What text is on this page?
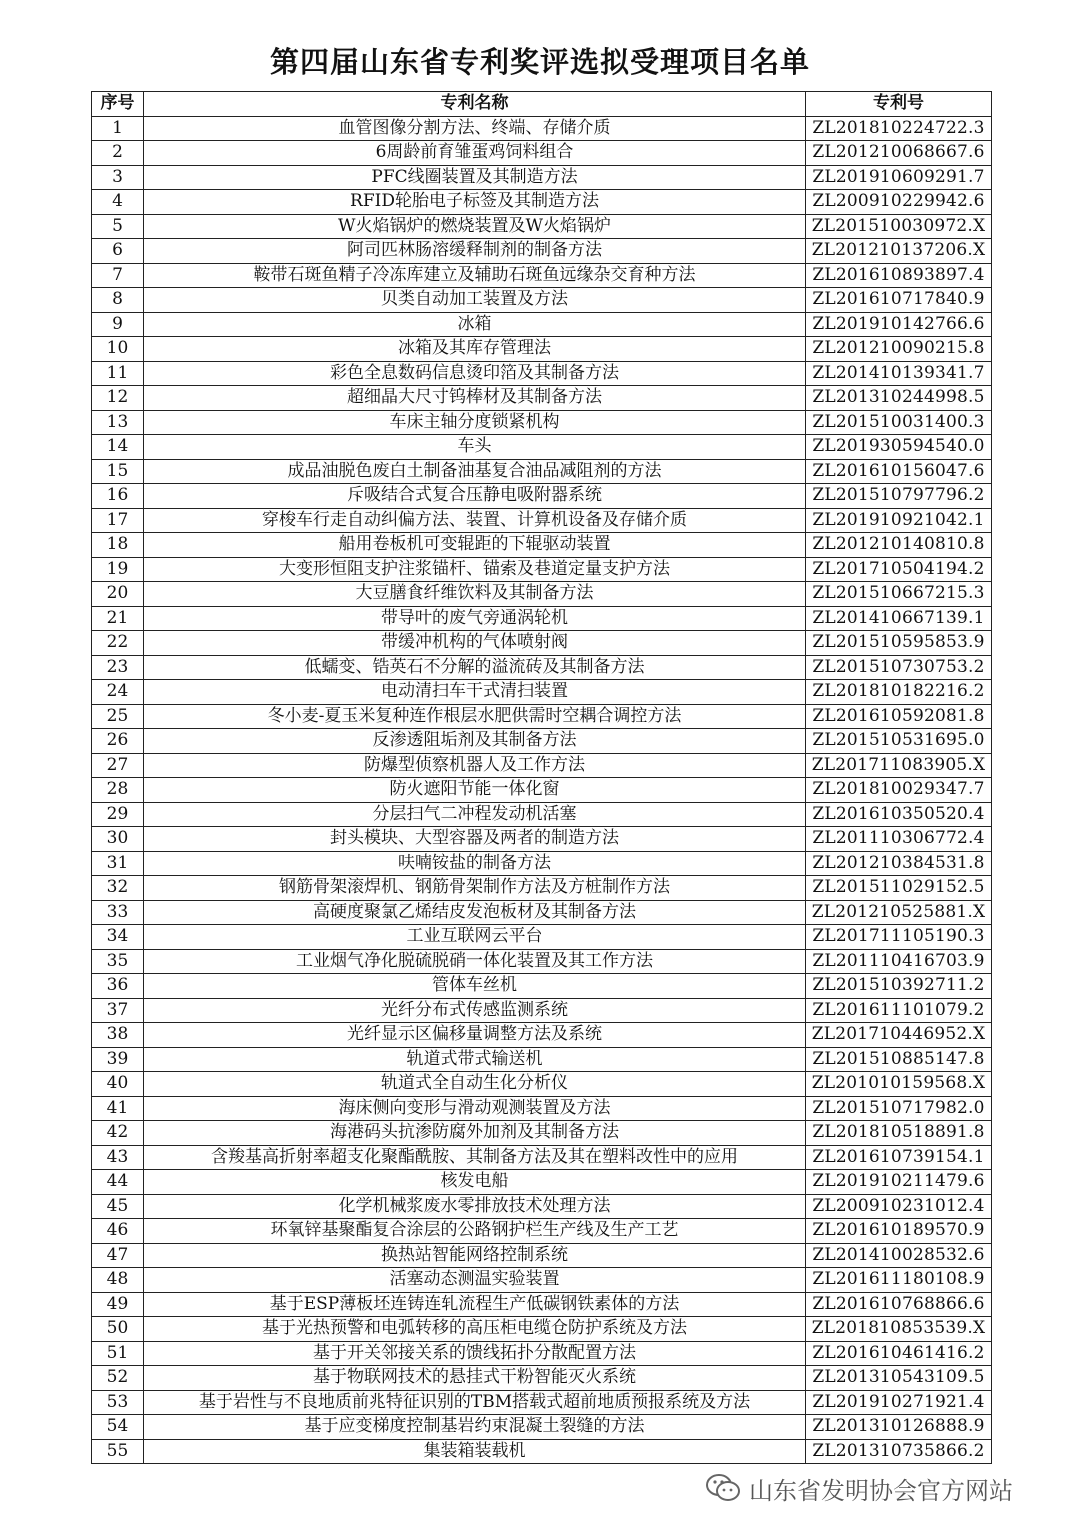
第四届山东省专利奖评选拟受理项目名单
序号	专利名称	专利号
1	血管图像分割方法、终端、存储介质	ZL201810224722.3
2	6周龄前育雏蛋鸡饲料组合	ZL201210068667.6
3	PFC线圈装置及其制造方法	ZL201910609291.7
4	RFID轮胎电子标签及其制造方法	ZL200910229942.6
5	W火焰锅炉的燃烧装置及W火焰锅炉	ZL201510030972.X
6	阿司匹林肠溶缓释制剂的制备方法	ZL201210137206.X
7	鞍带石斑鱼精子冷冻库建立及辅助石斑鱼远缘杂交育种方法	ZL201610893897.4
8	贝类自动加工装置及方法	ZL201610717840.9
9	冰箱	ZL201910142766.6
10	冰箱及其库存管理法	ZL201210090215.8
11	彩色全息数码信息烫印箔及其制备方法	ZL201410139341.7
12	超细晶大尺寸钨棒材及其制备方法	ZL201310244998.5
13	车床主轴分度锁紧机构	ZL201510031400.3
14	车头	ZL201930594540.0
15	成品油脱色废白土制备油基复合油品减阻剂的方法	ZL201610156047.6
16	斥吸结合式复合压静电吸附器系统	ZL201510797796.2
17	穿梭车行走自动纠偏方法、装置、计算机设备及存储介质	ZL201910921042.1
18	船用卷板机可变辊距的下辊驱动装置	ZL201210140810.8
19	大变形恒阻支护注浆锚杆、锚索及巷道定量支护方法	ZL201710504194.2
20	大豆膳食纤维饮料及其制备方法	ZL201510667215.3
21	带导叶的废气旁通涡轮机	ZL201410667139.1
22	带缓冲机构的气体喷射阀	ZL201510595853.9
23	低蠕变、锆英石不分解的溢流砖及其制备方法	ZL201510730753.2
24	电动清扫车干式清扫装置	ZL201810182216.2
25	冬小麦-夏玉米复种连作根层水肥供需时空耦合调控方法	ZL201610592081.8
26	反渗透阻垢剂及其制备方法	ZL201510531695.0
27	防爆型侦察机器人及工作方法	ZL201711083905.X
28	防火遮阳节能一体化窗	ZL201810029347.7
29	分层扫气二冲程发动机活塞	ZL201610350520.4
30	封头模块、大型容器及两者的制造方法	ZL201110306772.4
31	呋喃铵盐的制备方法	ZL201210384531.8
32	钢筋骨架滚焊机、钢筋骨架制作方法及方桩制作方法	ZL201511029152.5
33	高硬度聚氯乙烯结皮发泡板材及其制备方法	ZL201210525881.X
34	工业互联网云平台	ZL201711105190.3
35	工业烟气净化脱硫脱硝一体化装置及其工作方法	ZL201110416703.9
36	管体车丝机	ZL201510392711.2
37	光纤分布式传感监测系统	ZL201611101079.2
38	光纤显示区偏移量调整方法及系统	ZL201710446952.X
39	轨道式带式输送机	ZL201510885147.8
40	轨道式全自动生化分析仪	ZL201010159568.X
41	海床侧向变形与滑动观测装置及方法	ZL201510717982.0
42	海港码头抗渗防腐外加剂及其制备方法	ZL201810518891.8
43	含羧基高折射率超支化聚酯酰胺、其制备方法及其在塑料改性中的应用	ZL201610739154.1
44	核发电船	ZL201910211479.6
45	化学机械浆废水零排放技术处理方法	ZL200910231012.4
46	环氧锌基聚酯复合涂层的公路钢护栏生产线及生产工艺	ZL201610189570.9
47	换热站智能网络控制系统	ZL201410028532.6
48	活塞动态测温实验装置	ZL201611180108.9
49	基于ESP薄板坯连铸连轧流程生产低碳钢铁素体的方法	ZL201610768866.6
50	基于光热预警和电弧转移的高压柜电缆仓防护系统及方法	ZL201810853539.X
51	基于开关邻接关系的馈线拓扑分散配置方法	ZL201610461416.2
52	基于物联网技术的悬挂式干粉智能灭火系统	ZL201310543109.5
53	基于岩性与不良地质前兆特征识别的TBM搭载式超前地质预报系统及方法	ZL201910271921.4
54	基于应变梯度控制基岩约束混凝土裂缝的方法	ZL201310126888.9
55	集装箱装载机	ZL201310735866.2
山东省发明协会官方网站
